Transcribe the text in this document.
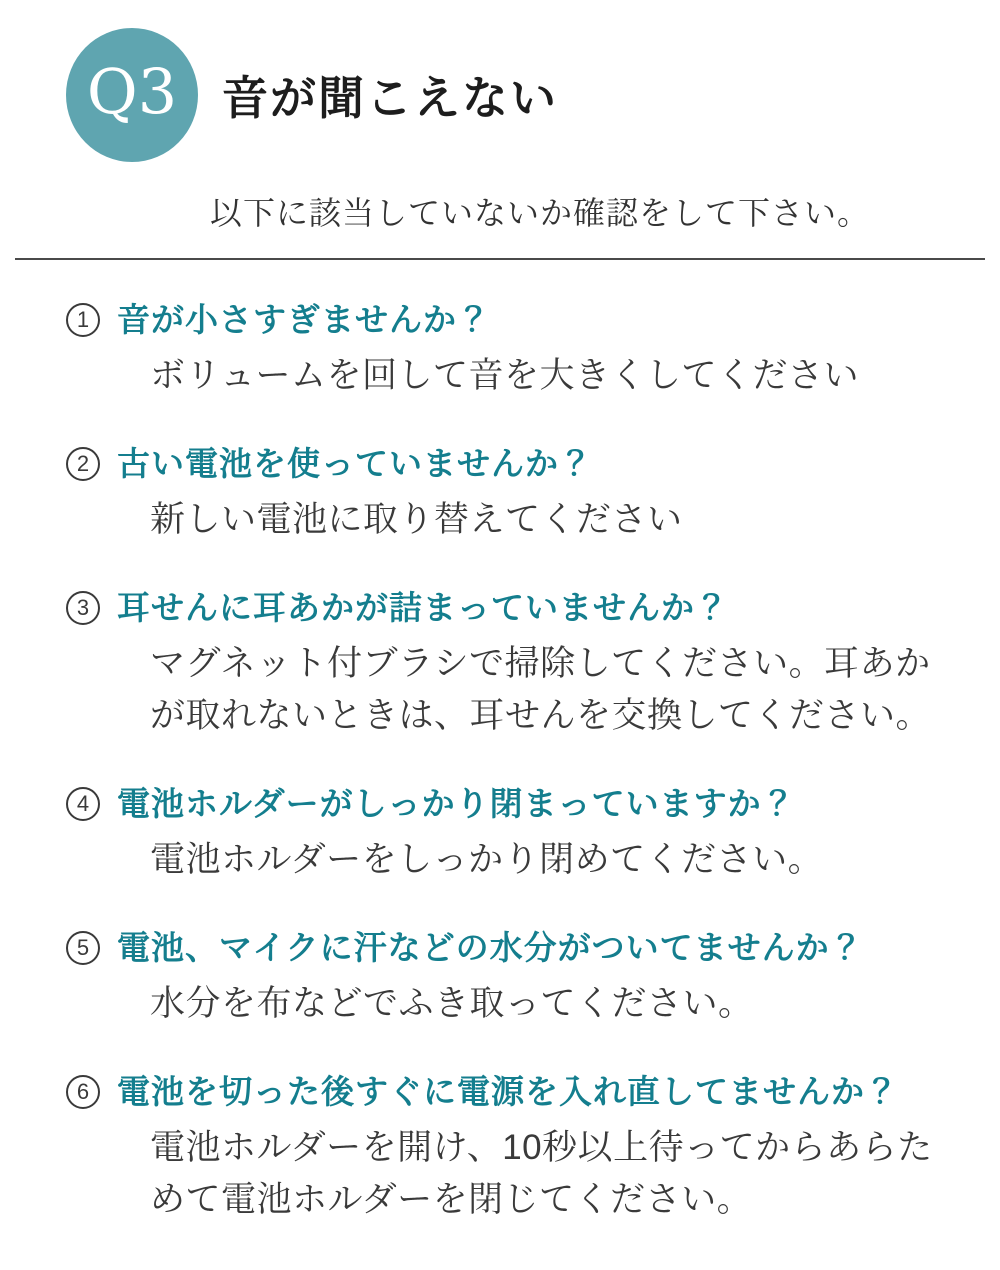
Q3 音が聞こえない

以下に該当していないか確認をして下さい。

1 音が小さすぎませんか？

ボリュームを回して音を大きくしてください

2 古い電池を使っていませんか？

新しい電池に取り替えてください

3 耳せんに耳あかが詰まっていませんか？

マグネット付ブラシで掃除してください。耳あかが取れないときは、耳せんを交換してください。

4 電池ホルダーがしっかり閉まっていますか？

電池ホルダーをしっかり閉めてください。

5 電池、マイクに汗などの水分がついてませんか？

水分を布などでふき取ってください。

6 電池を切った後すぐに電源を入れ直してませんか？

電池ホルダーを開け、10秒以上待ってからあらためて電池ホルダーを閉じてください。
